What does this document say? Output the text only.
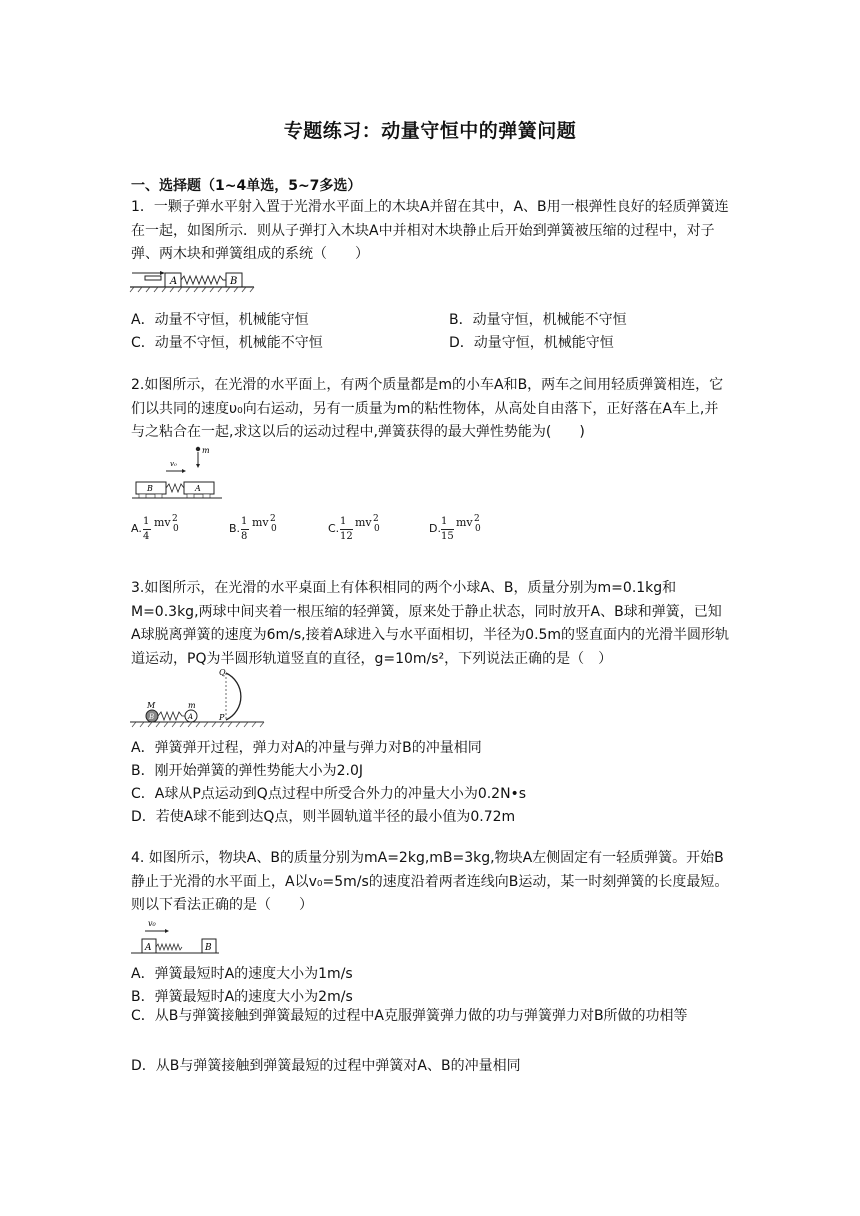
专题练习：动量守恒中的弹簧问题
一、选择题（1~4单选，5~7多选）
1．一颗子弹水平射入置于光滑水平面上的木块A并留在其中，A、B用一根弹性良好的轻质弹簧连在一起，如图所示．则从子弹打入木块A中并相对木块静止后开始到弹簧被压缩的过程中，对子弹、两木块和弹簧组成的系统（　　）
A	B
A．动量不守恒，机械能守恒	B．动量守恒，机械能不守恒
C．动量不守恒，机械能不守恒	D．动量守恒，机械能守恒
2.如图所示，在光滑的水平面上，有两个质量都是m的小车A和B，两车之间用轻质弹簧相连，它们以共同的速度υ₀向右运动，另有一质量为m的粘性物体，从高处自由落下，正好落在A车上,并与之粘合在一起,求这以后的运动过程中,弹簧获得的最大弹性势能为(　　)
m
v₀
B	A
A.
1
4
mv 2
0	B.
1
8
mv 2
0	C.
1
12
mv 2
0	D.
1
15
mv 2
0
3.如图所示，在光滑的水平桌面上有体积相同的两个小球A、B，质量分别为m=0.1kg和M=0.3kg,两球中间夹着一根压缩的轻弹簧，原来处于静止状态，同时放开A、B球和弹簧，已知A球脱离弹簧的速度为6m/s,接着A球进入与水平面相切，半径为0.5m的竖直面内的光滑半圆形轨道运动，PQ为半圆形轨道竖直的直径，g=10m/s²，下列说法正确的是（　）
Q
P
M	m
B	A
A．弹簧弹开过程，弹力对A的冲量与弹力对B的冲量相同
B．刚开始弹簧的弹性势能大小为2.0J
C．A球从P点运动到Q点过程中所受合外力的冲量大小为0.2N•s
D．若使A球不能到达Q点，则半圆轨道半径的最小值为0.72m
4. 如图所示，物块A、B的质量分别为mA=2kg,mB=3kg,物块A左侧固定有一轻质弹簧。开始B静止于光滑的水平面上，A以v₀=5m/s的速度沿着两者连线向B运动，某一时刻弹簧的长度最短。则以下看法正确的是（　　）
v₀
A	B
A．弹簧最短时A的速度大小为1m/s
B．弹簧最短时A的速度大小为2m/s
C．从B与弹簧接触到弹簧最短的过程中A克服弹簧弹力做的功与弹簧弹力对B所做的功相等
D．从B与弹簧接触到弹簧最短的过程中弹簧对A、B的冲量相同
